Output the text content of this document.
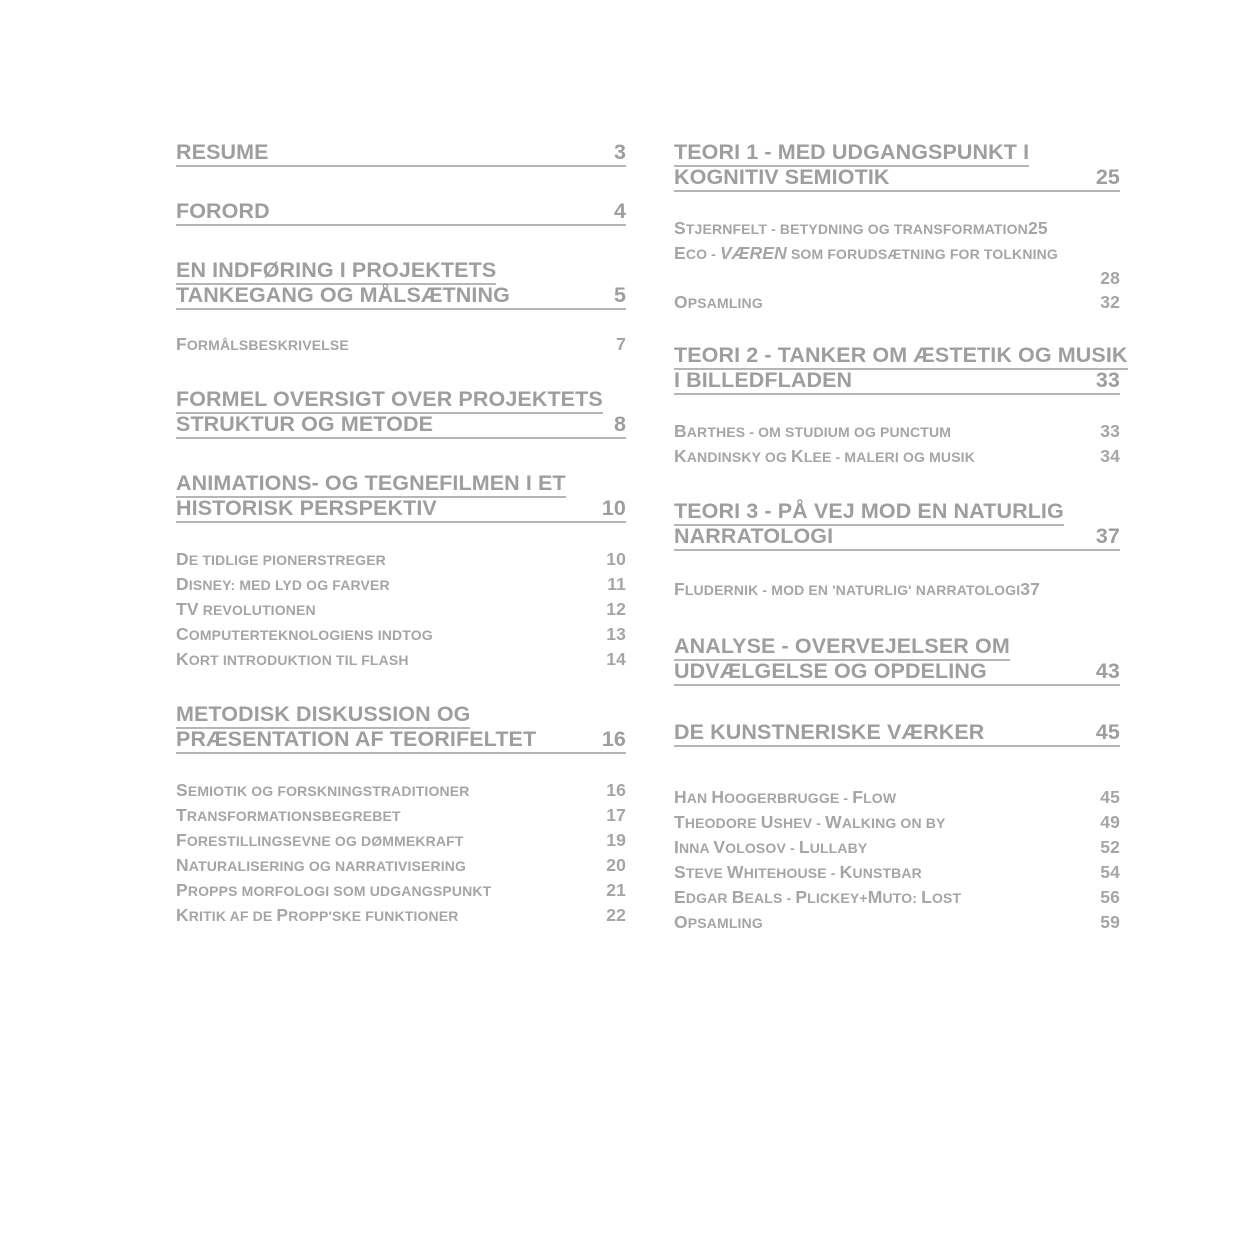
RESUME	3
FORORD	4
EN INDFØRING I PROJEKTETS
TANKEGANG OG MÅLSÆTNING	5
FORMÅLSBESKRIVELSE	7
FORMEL OVERSIGT OVER PROJEKTETS
STRUKTUR OG METODE	8
ANIMATIONS- OG TEGNEFILMEN I ET
HISTORISK PERSPEKTIV	10
DE TIDLIGE PIONERSTREGER	10
DISNEY: MED LYD OG FARVER	11
TV REVOLUTIONEN	12
COMPUTERTEKNOLOGIENS INDTOG	13
KORT INTRODUKTION TIL FLASH	14
METODISK DISKUSSION OG
PRÆSENTATION AF TEORIFELTET	16
SEMIOTIK OG FORSKNINGSTRADITIONER	16
TRANSFORMATIONSBEGREBET	17
FORESTILLINGSEVNE OG DØMMEKRAFT	19
NATURALISERING OG NARRATIVISERING	20
PROPPS MORFOLOGI SOM UDGANGSPUNKT	21
KRITIK AF DE PROPP'SKE FUNKTIONER	22
TEORI 1 - MED UDGANGSPUNKT I
KOGNITIV SEMIOTIK	25
STJERNFELT - BETYDNING OG TRANSFORMATION 25
ECO - VÆREN SOM FORUDSÆTNING FOR TOLKNING
28
OPSAMLING	32
TEORI 2 - TANKER OM ÆSTETIK OG MUSIK
I BILLEDFLADEN	33
BARTHES - OM STUDIUM OG PUNCTUM	33
KANDINSKY OG KLEE - MALERI OG MUSIK	34
TEORI 3 - PÅ VEJ MOD EN NATURLIG
NARRATOLOGI	37
FLUDERNIK - MOD EN 'NATURLIG' NARRATOLOGI 37
ANALYSE - OVERVEJELSER OM
UDVÆLGELSE OG OPDELING	43
DE KUNSTNERISKE VÆRKER	45
HAN HOOGERBRUGGE - FLOW	45
THEODORE USHEV - WALKING ON BY	49
INNA VOLOSOV - LULLABY	52
STEVE WHITEHOUSE - KUNSTBAR	54
EDGAR BEALS - PLICKEY+MUTO: LOST	56
OPSAMLING	59
